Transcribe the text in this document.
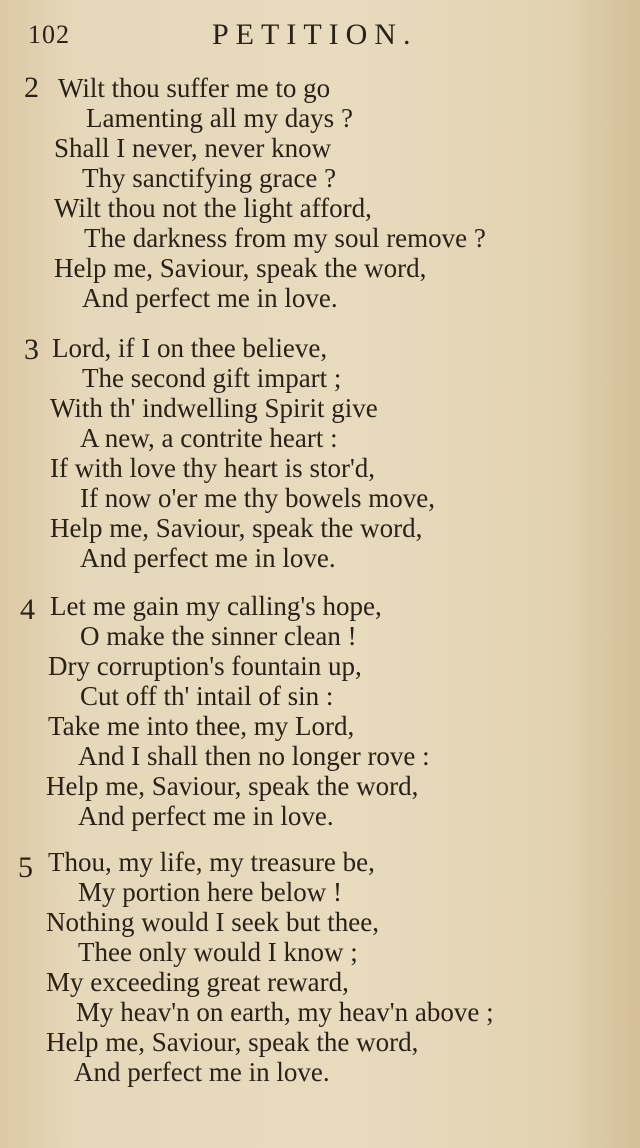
102	PETITION.
2 Wilt thou suffer me to go
Lamenting all my days ?
Shall I never, never know
Thy sanctifying grace ?
Wilt thou not the light afford,
The darkness from my soul remove ?
Help me, Saviour, speak the word,
And perfect me in love.
3 Lord, if I on thee believe,
The second gift impart ;
With th' indwelling Spirit give
A new, a contrite heart :
If with love thy heart is stor'd,
If now o'er me thy bowels move,
Help me, Saviour, speak the word,
And perfect me in love.
4 Let me gain my calling's hope,
O make the sinner clean !
Dry corruption's fountain up,
Cut off th' intail of sin :
Take me into thee, my Lord,
And I shall then no longer rove :
Help me, Saviour, speak the word,
And perfect me in love.
5 Thou, my life, my treasure be,
My portion here below !
Nothing would I seek but thee,
Thee only would I know ;
My exceeding great reward,
My heav'n on earth, my heav'n above ;
Help me, Saviour, speak the word,
And perfect me in love.
